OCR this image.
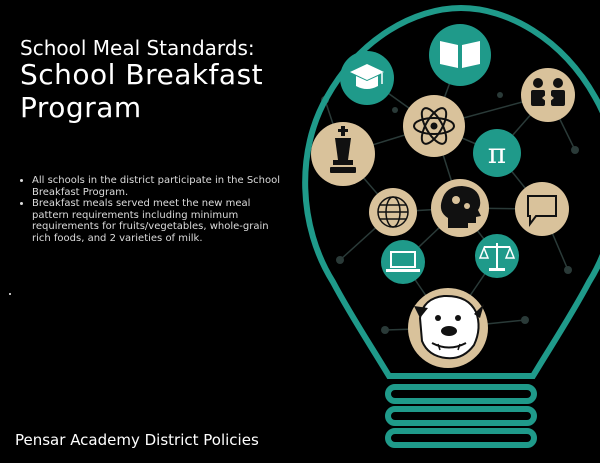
School Meal Standards:
School Breakfast Program
• All schools in the district participate in the School Breakfast Program.
• Breakfast meals served meet the new meal pattern requirements including minimum requirements for fruits/vegetables, whole-grain rich foods, and 2 varieties of milk.
Pensar Academy District Policies
π
